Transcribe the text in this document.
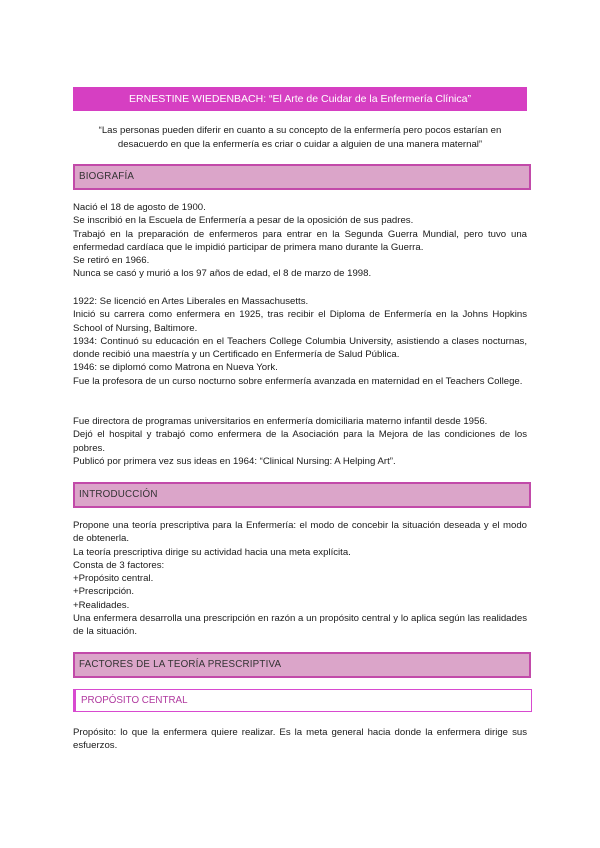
ERNESTINE WIEDENBACH: “El Arte de Cuidar de la Enfermería Clínica”
“Las personas pueden diferir en cuanto a su concepto de la enfermería pero pocos estarían en desacuerdo en que la enfermería es criar o cuidar a alguien de una manera maternal”
BIOGRAFÍA

Nació el 18 de agosto de 1900.

Se inscribió en la Escuela de Enfermería a pesar de la oposición de sus padres.

Trabajó en la preparación de enfermeros para entrar en la Segunda Guerra Mundial, pero tuvo una enfermedad cardíaca que le impidió participar de primera mano durante la Guerra.

Se retiró en 1966.

Nunca se casó y murió a los 97 años de edad, el 8 de marzo de 1998.

1922: Se licenció en Artes Liberales en Massachusetts.

Inició su carrera como enfermera en 1925, tras recibir el Diploma de Enfermería en la Johns Hopkins School of Nursing, Baltimore.

1934: Continuó su educación en el Teachers College Columbia University, asistiendo a clases nocturnas, donde recibió una maestría y un Certificado en Enfermería de Salud Pública.

1946: se diplomó como Matrona en Nueva York.

Fue la profesora de un curso nocturno sobre enfermería avanzada en maternidad en el Teachers College.

Fue directora de programas universitarios en enfermería domiciliaria materno infantil desde 1956.

Dejó el hospital y trabajó como enfermera de la Asociación para la Mejora de las condiciones de los pobres.

Publicó por primera vez sus ideas en 1964: “Clinical Nursing: A Helping Art”.

INTRODUCCIÓN

Propone una teoría prescriptiva para la Enfermería: el modo de concebir la situación deseada y el modo de obtenerla.

La teoría prescriptiva dirige su actividad hacia una meta explícita.

Consta de 3 factores:

+Propósito central.

+Prescripción.

+Realidades.

Una enfermera desarrolla una prescripción en razón a un propósito central y lo aplica según las realidades de la situación.

FACTORES DE LA TEORÍA PRESCRIPTIVA
PROPÓSITO CENTRAL

Propósito: lo que la enfermera quiere realizar. Es la meta general hacia donde la enfermera dirige sus esfuerzos.
